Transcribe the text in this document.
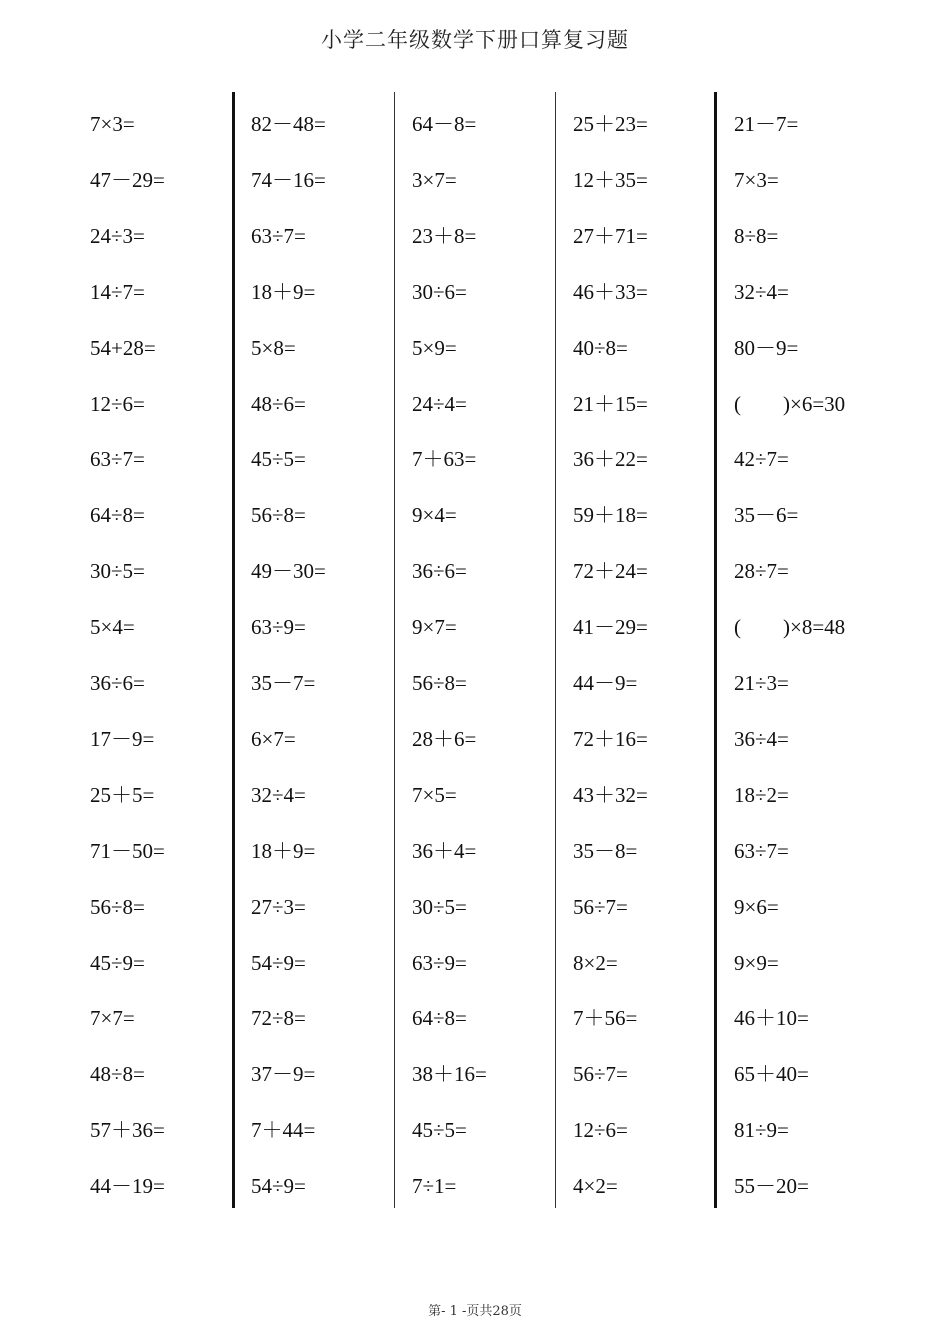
小学二年级数学下册口算复习题
7×3=
47－29=
24÷3=
14÷7=
54+28=
12÷6=
63÷7=
64÷8=
30÷5=
5×4=
36÷6=
17－9=
25＋5=
71－50=
56÷8=
45÷9=
7×7=
48÷8=
57＋36=
44－19=
82－48=
74－16=
63÷7=
18＋9=
5×8=
48÷6=
45÷5=
56÷8=
49－30=
63÷9=
35－7=
6×7=
32÷4=
18＋9=
27÷3=
54÷9=
72÷8=
37－9=
7＋44=
54÷9=
64－8=
3×7=
23＋8=
30÷6=
5×9=
24÷4=
7＋63=
9×4=
36÷6=
9×7=
56÷8=
28＋6=
7×5=
36＋4=
30÷5=
63÷9=
64÷8=
38＋16=
45÷5=
7÷1=
25＋23=
12＋35=
27＋71=
46＋33=
40÷8=
21＋15=
36＋22=
59＋18=
72＋24=
41－29=
44－9=
72＋16=
43＋32=
35－8=
56÷7=
8×2=
7＋56=
56÷7=
12÷6=
4×2=
21－7=
7×3=
8÷8=
32÷4=
80－9=
(　　)×6=30
42÷7=
35－6=
28÷7=
(　　)×8=48
21÷3=
36÷4=
18÷2=
63÷7=
9×6=
9×9=
46＋10=
65＋40=
81÷9=
55－20=
第- 1 -页共28页
